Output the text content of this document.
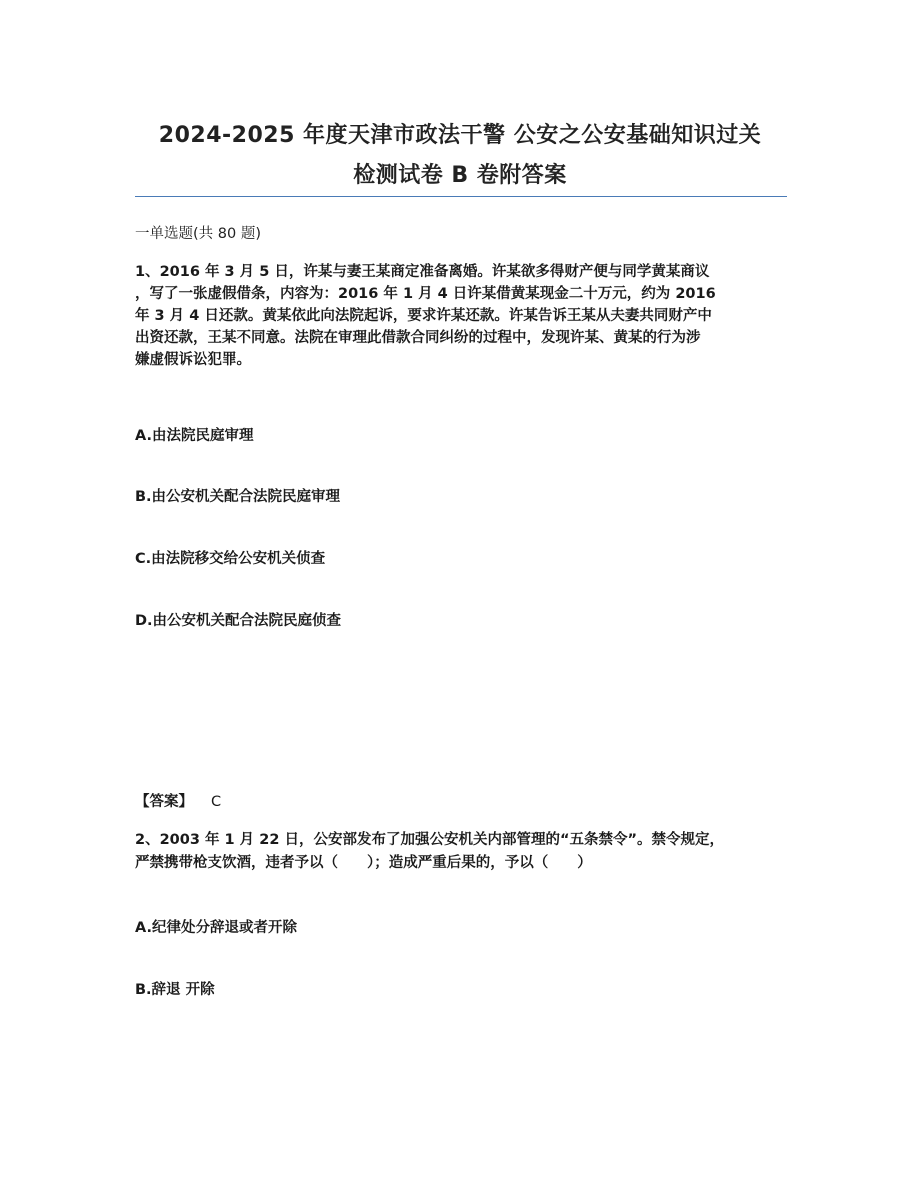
2024-2025 年度天津市政法干警 公安之公安基础知识过关
检测试卷 B 卷附答案
一单选题(共 80 题)
1、2016 年 3 月 5 日，许某与妻王某商定准备离婚。许某欲多得财产便与同学黄某商议
，写了一张虚假借条，内容为：2016 年 1 月 4 日许某借黄某现金二十万元，约为 2016
年 3 月 4 日还款。黄某依此向法院起诉，要求许某还款。许某告诉王某从夫妻共同财产中
出资还款，王某不同意。法院在审理此借款合同纠纷的过程中，发现许某、黄某的行为涉
嫌虚假诉讼犯罪。
A.由法院民庭审理
B.由公安机关配合法院民庭审理
C.由法院移交给公安机关侦查
D.由公安机关配合法院民庭侦查
【答案】 C
2、2003 年 1 月 22 日，公安部发布了加强公安机关内部管理的“五条禁令”。禁令规定，
严禁携带枪支饮酒，违者予以（　　）；造成严重后果的，予以（　　）
A.纪律处分辞退或者开除
B.辞退 开除
